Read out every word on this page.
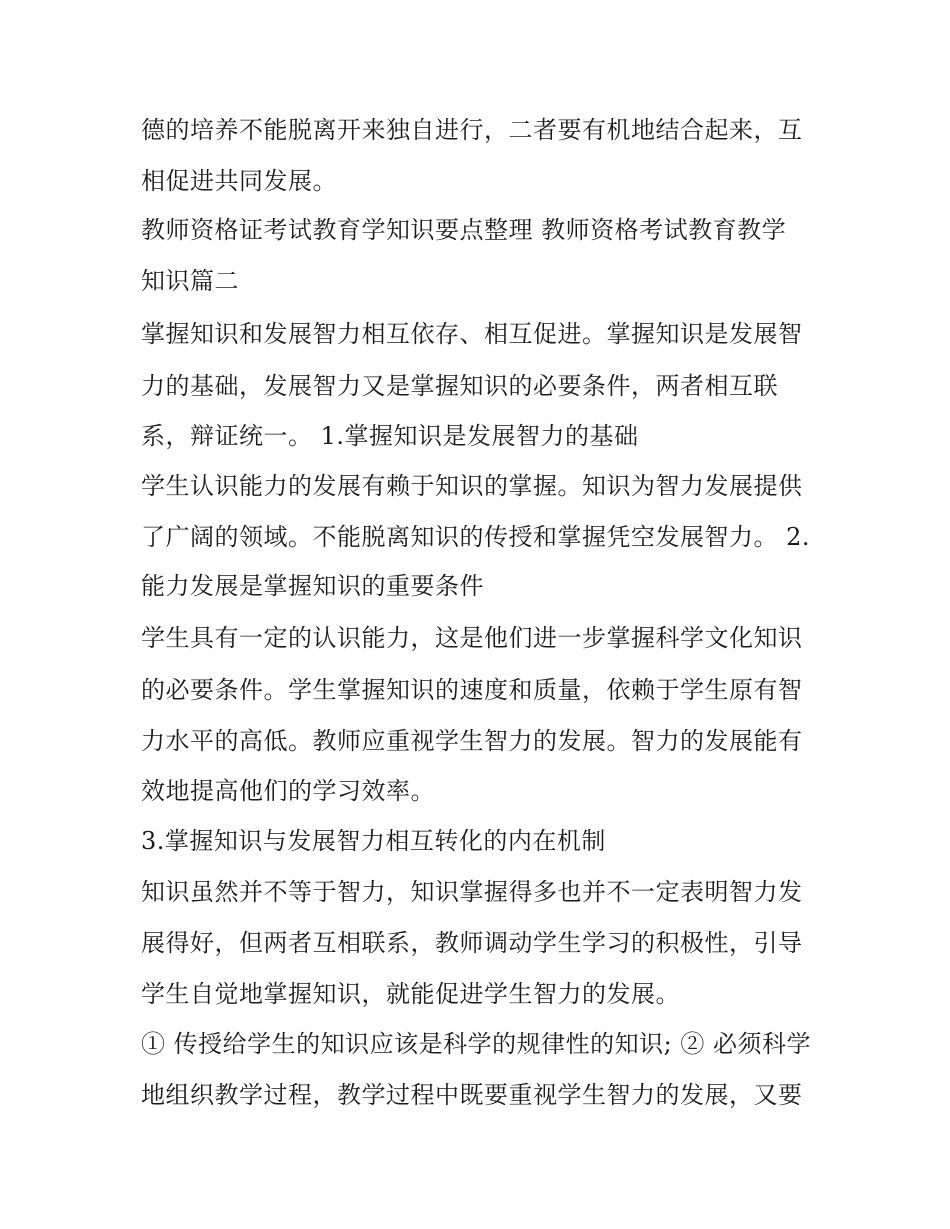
德的培养不能脱离开来独自进行，二者要有机地结合起来，互
相促进共同发展。
教师资格证考试教育学知识要点整理 教师资格考试教育教学
知识篇二
掌握知识和发展智力相互依存、相互促进。掌握知识是发展智
力的基础，发展智力又是掌握知识的必要条件，两者相互联
系，辩证统一。 1.掌握知识是发展智力的基础
学生认识能力的发展有赖于知识的掌握。知识为智力发展提供
了广阔的领域。不能脱离知识的传授和掌握凭空发展智力。 2.
能力发展是掌握知识的重要条件
学生具有一定的认识能力，这是他们进一步掌握科学文化知识
的必要条件。学生掌握知识的速度和质量，依赖于学生原有智
力水平的高低。教师应重视学生智力的发展。智力的发展能有
效地提高他们的学习效率。
3.掌握知识与发展智力相互转化的内在机制
知识虽然并不等于智力，知识掌握得多也并不一定表明智力发
展得好，但两者互相联系，教师调动学生学习的积极性，引导
学生自觉地掌握知识，就能促进学生智力的发展。
① 传授给学生的知识应该是科学的规律性的知识; ② 必须科学
地组织教学过程，教学过程中既要重视学生智力的发展，又要
